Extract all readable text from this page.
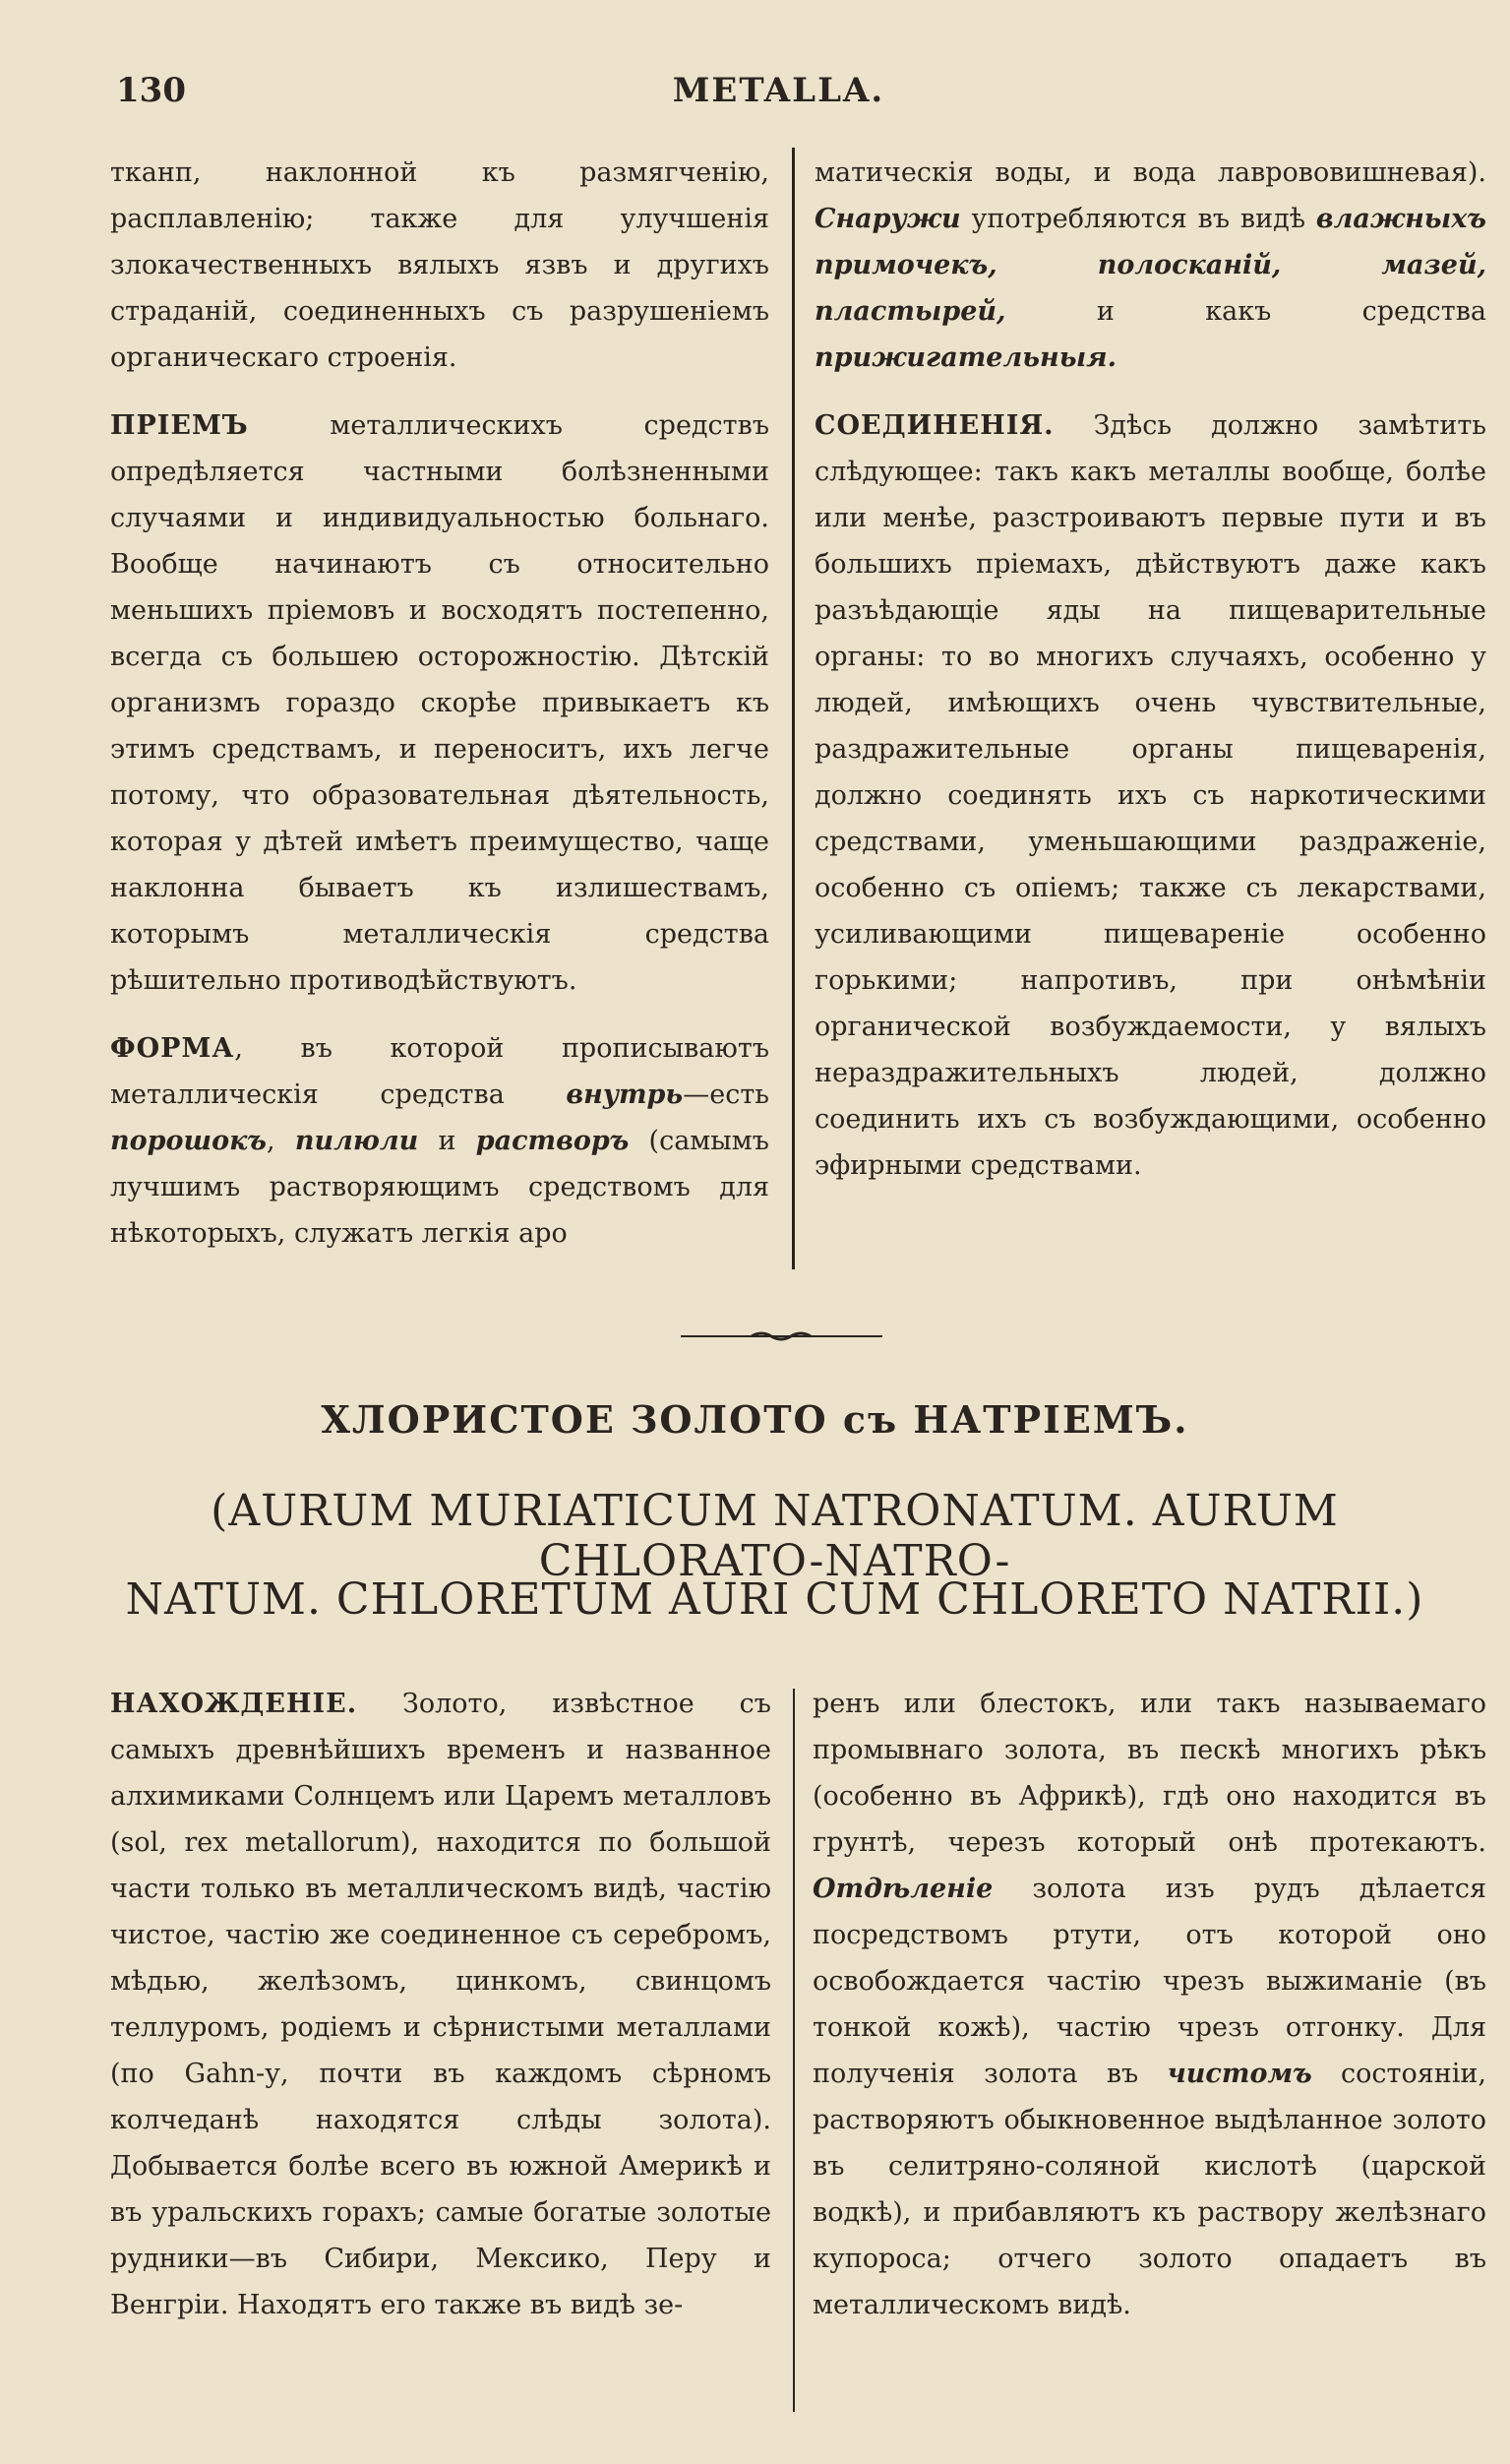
130	METALLA.

тканп, наклонной къ размягченію, расплавленію; также для улучшенія злокачественныхъ вялыхъ язвъ и другихъ страданій, соединенныхъ съ разрушеніемъ органическаго строенія.

ПРІЕМЪ металлическихъ средствъ опредѣляется частными болѣзненными случаями и индивидуальностью больнаго. Вообще начинаютъ съ относительно меньшихъ пріемовъ и восходятъ постепенно, всегда съ большею осторожностію. Дѣтскій организмъ гораздо скорѣе привыкаетъ къ этимъ средствамъ, и переноситъ, ихъ легче потому, что образовательная дѣятельность, которая у дѣтей имѣетъ преимущество, чаще наклонна бываетъ къ излишествамъ, которымъ металлическія средства рѣшительно противодѣйствуютъ.

ФОРМА, въ которой прописываютъ металлическія средства внутрь—есть порошокъ, пилюли и растворъ (самымъ лучшимъ растворяющимъ средствомъ для нѣкоторыхъ, служатъ легкія аро

матическія воды, и вода лаврововишневая). Снаружи употребляются въ видѣ влажныхъ примочекъ, полосканій, мазей, пластырей, и какъ средства прижигательныя.

СОЕДИНЕНІЯ. Здѣсь должно замѣтить слѣдующее: такъ какъ металлы вообще, болѣе или менѣе, разстроиваютъ первые пути и въ большихъ пріемахъ, дѣйствуютъ даже какъ разъѣдающіе яды на пищеварительные органы: то во многихъ случаяхъ, особенно у людей, имѣющихъ очень чувствительные, раздражительные органы пищеваренія, должно соединять ихъ съ наркотическими средствами, уменьшающими раздраженіе, особенно съ опіемъ; также съ лекарствами, усиливающими пищевареніе особенно горькими; напротивъ, при онѣмѣніи органической возбуждаемости, у вялыхъ нераздражительныхъ людей, должно соединить ихъ съ возбуждающими, особенно эфирными средствами.

ХЛОРИСТОЕ ЗОЛОТО съ НАТРІЕМЪ.
(AURUM MURIATICUM NATRONATUM. AURUM CHLORATO-NATRO-
NATUM. CHLORETUM AURI CUM CHLORETO NATRII.)

НАХОЖДЕНІЕ. Золото, извѣстное съ самыхъ древнѣйшихъ временъ и названное алхимиками Солнцемъ или Царемъ металловъ (sol, rex metallorum), находится по большой части только въ металлическомъ видѣ, частію чистое, частію же соединенное съ серебромъ, мѣдью, желѣзомъ, цинкомъ, свинцомъ теллуромъ, родіемъ и сѣрнистыми металлами (по Gahn-у, почти въ каждомъ сѣрномъ колчеданѣ находятся слѣды золота). Добывается болѣе всего въ южной Америкѣ и въ уральскихъ горахъ; самые богатые золотые рудники—въ Сибири, Мексико, Перу и Венгріи. Находятъ его также въ видѣ зе-

ренъ или блестокъ, или такъ называемаго промывнаго золота, въ пескѣ многихъ рѣкъ (особенно въ Африкѣ), гдѣ оно находится въ грунтѣ, черезъ который онѣ протекаютъ. Отдѣленіе золота изъ рудъ дѣлается посредствомъ ртути, отъ которой оно освобождается частію чрезъ выжиманіе (въ тонкой кожѣ), частію чрезъ отгонку. Для полученія золота въ чистомъ состояніи, растворяютъ обыкновенное выдѣланное золото въ селитряно-соляной кислотѣ (царской водкѣ), и прибавляютъ къ раствору желѣзнаго купороса; отчего золото опадаетъ въ металлическомъ видѣ.
